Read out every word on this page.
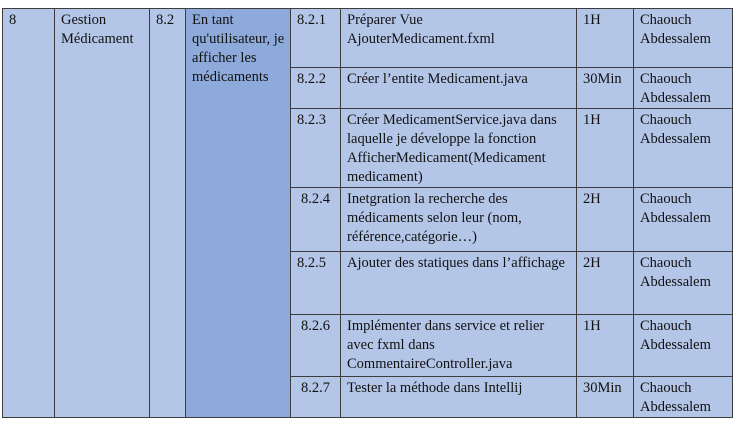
8	Gestion Médicament	8.2	En tant qu'utilisateur, je afficher les médicaments	8.2.1	Préparer Vue AjouterMedicament.fxml	1H	Chaouch Abdessalem
				8.2.2	Créer l’entite Medicament.java	30Min	Chaouch Abdessalem
				8.2.3	Créer MedicamentService.java dans laquelle je développe la fonction AfficherMedicament(Medicament medicament)	1H	Chaouch Abdessalem
				8.2.4	Inetgration la recherche des médicaments selon leur (nom, référence,catégorie…)	2H	Chaouch Abdessalem
				8.2.5	Ajouter des statiques dans l’affichage	2H	Chaouch Abdessalem
				8.2.6	Implémenter dans service et relier avec fxml dans CommentaireController.java	1H	Chaouch Abdessalem
				8.2.7	Tester la méthode dans Intellij	30Min	Chaouch Abdessalem
